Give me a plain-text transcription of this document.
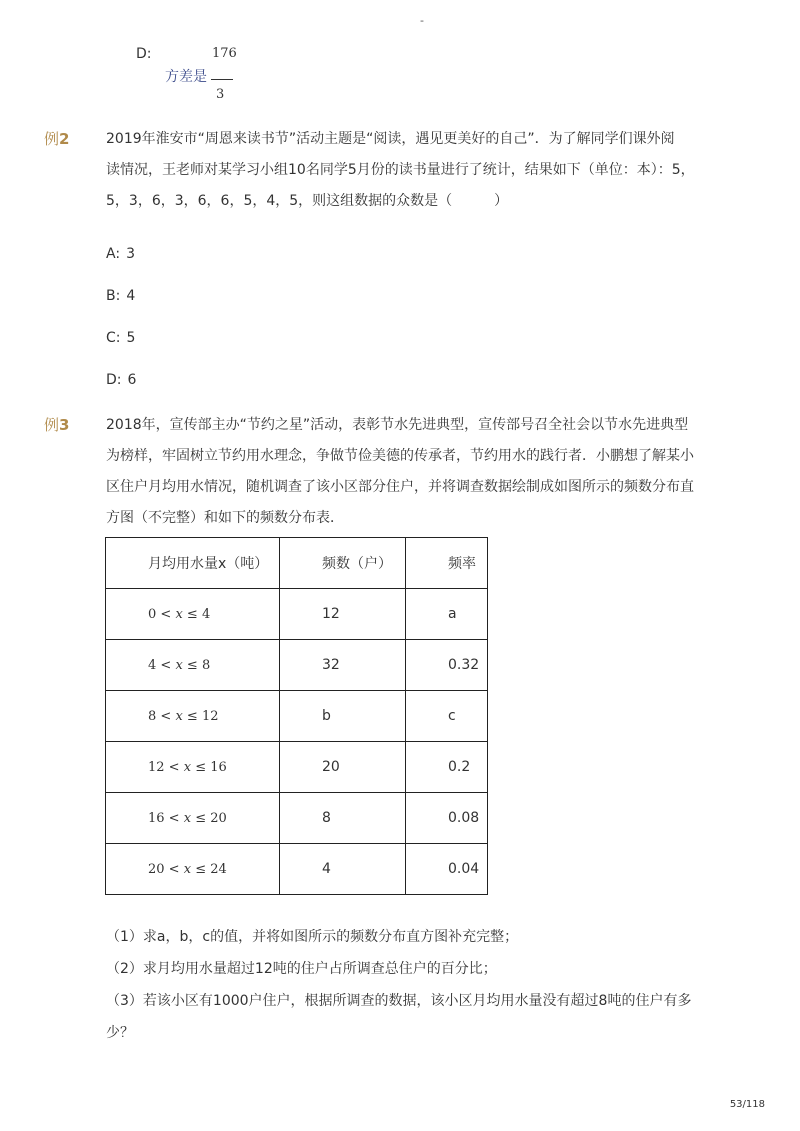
-
D:	176
方差是
3
例2	2019年淮安市“周恩来读书节”活动主题是“阅读，遇见更美好的自己”．为了解同学们课外阅
读情况，王老师对某学习小组10名同学5月份的读书量进行了统计，结果如下（单位：本）：5，
5，3，6，3，6，6，5，4，5，则这组数据的众数是（　　　）
A: 3
B: 4
C: 5
D: 6
例3	2018年，宣传部主办“节约之星”活动，表彰节水先进典型，宣传部号召全社会以节水先进典型
为榜样，牢固树立节约用水理念，争做节俭美德的传承者，节约用水的践行者．小鹏想了解某小
区住户月均用水情况，随机调查了该小区部分住户，并将调查数据绘制成如图所示的频数分布直
方图（不完整）和如下的频数分布表．
月均用水量x（吨）	频数（户）	频率
0 < x ≤ 4	12	a
4 < x ≤ 8	32	0.32
8 < x ≤ 12	b	c
12 < x ≤ 16	20	0.2
16 < x ≤ 20	8	0.08
20 < x ≤ 24	4	0.04
（1）求a，b，c的值，并将如图所示的频数分布直方图补充完整；
（2）求月均用水量超过12吨的住户占所调查总住户的百分比；
（3）若该小区有1000户住户，根据所调查的数据，该小区月均用水量没有超过8吨的住户有多
少？
53/118
